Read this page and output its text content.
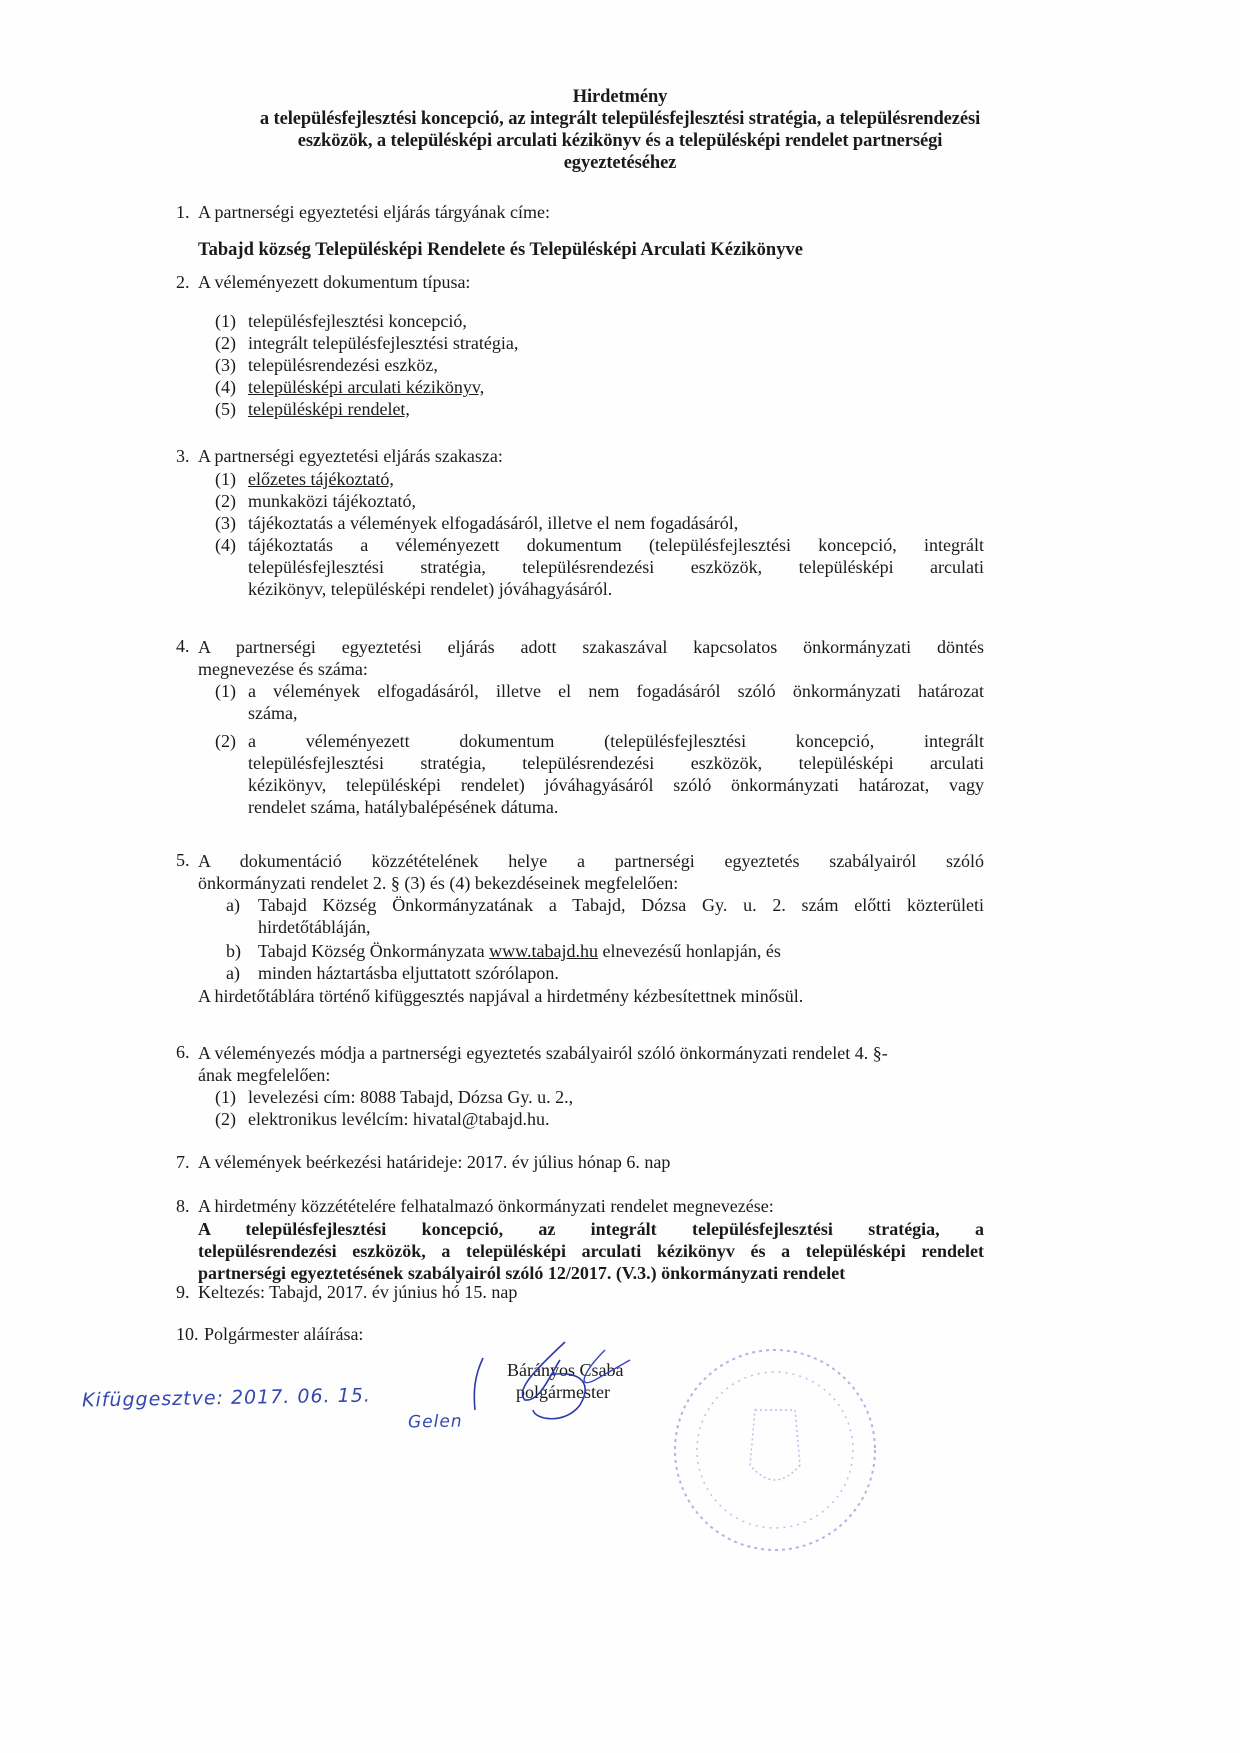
Hirdetmény
a településfejlesztési koncepció, az integrált településfejlesztési stratégia, a településrendezési
eszközök, a településképi arculati kézikönyv és a településképi rendelet partnerségi
egyeztetéséhez
1. A partnerségi egyeztetési eljárás tárgyának címe:
Tabajd község Településképi Rendelete és Településképi Arculati Kézikönyve
2. A véleményezett dokumentum típusa:
(1) településfejlesztési koncepció,
(2) integrált településfejlesztési stratégia,
(3) településrendezési eszköz,
(4) településképi arculati kézikönyv,
(5) településképi rendelet,
3. A partnerségi egyeztetési eljárás szakasza:
(1) előzetes tájékoztató,
(2) munkaközi tájékoztató,
(3) tájékoztatás a vélemények elfogadásáról, illetve el nem fogadásáról,
(4) tájékoztatás a véleményezett dokumentum (településfejlesztési koncepció, integrált
településfejlesztési stratégia, településrendezési eszközök, településképi arculati
kézikönyv, településképi rendelet) jóváhagyásáról.
4. A partnerségi egyeztetési eljárás adott szakaszával kapcsolatos önkormányzati döntés
megnevezése és száma:
(1) a vélemények elfogadásáról, illetve el nem fogadásáról szóló önkormányzati határozat
száma,
(2) a véleményezett dokumentum (településfejlesztési koncepció, integrált
településfejlesztési stratégia, településrendezési eszközök, településképi arculati
kézikönyv, településképi rendelet) jóváhagyásáról szóló önkormányzati határozat, vagy
rendelet száma, hatálybalépésének dátuma.
5. A dokumentáció közzétételének helye a partnerségi egyeztetés szabályairól szóló
önkormányzati rendelet 2. § (3) és (4) bekezdéseinek megfelelően:
a) Tabajd Község Önkormányzatának a Tabajd, Dózsa Gy. u. 2. szám előtti közterületi
hirdetőtábláján,
b) Tabajd Község Önkormányzata www.tabajd.hu elnevezésű honlapján, és
a) minden háztartásba eljuttatott szórólapon.
A hirdetőtáblára történő kifüggesztés napjával a hirdetmény kézbesítettnek minősül.
6. A véleményezés módja a partnerségi egyeztetés szabályairól szóló önkormányzati rendelet 4. §-
ának megfelelően:
(1) levelezési cím: 8088 Tabajd, Dózsa Gy. u. 2.,
(2) elektronikus levélcím: hivatal@tabajd.hu.
7. A vélemények beérkezési határideje: 2017. év július hónap 6. nap
8. A hirdetmény közzétételére felhatalmazó önkormányzati rendelet megnevezése:
A településfejlesztési koncepció, az integrált településfejlesztési stratégia, a
településrendezési eszközök, a településképi arculati kézikönyv és a településképi rendelet
partnerségi egyeztetésének szabályairól szóló 12/2017. (V.3.) önkormányzati rendelet
9. Keltezés: Tabajd, 2017. év június hó 15. nap
10. Polgármester aláírása:
Bárányos Csaba
polgármester
Kifüggesztve: 2017. 06. 15.
Gelen
